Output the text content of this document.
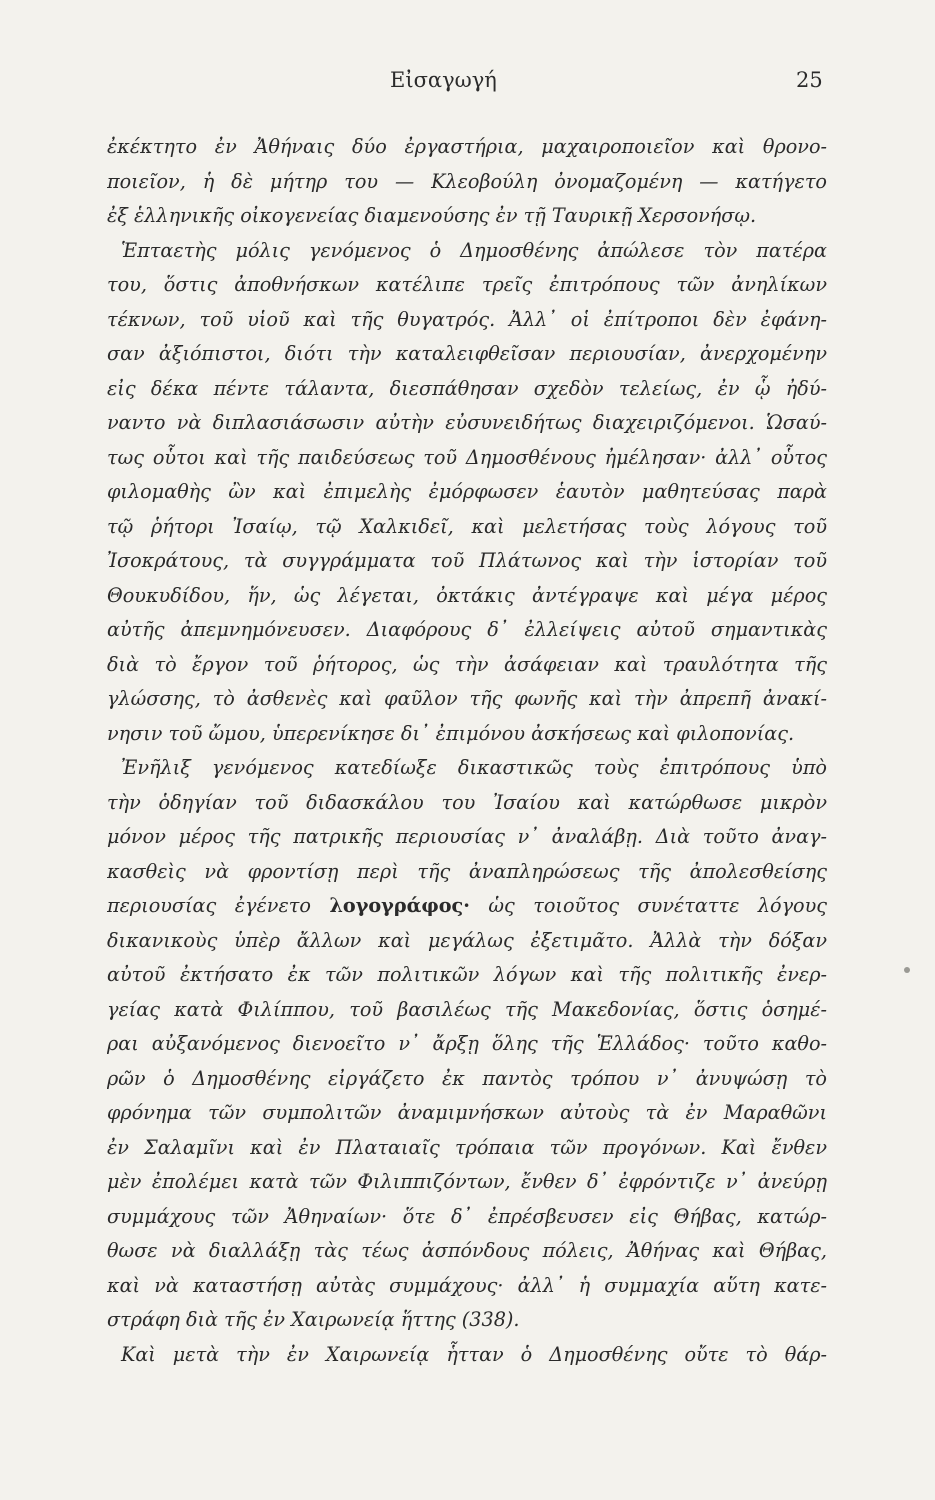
Εἰσαγωγή	25
ἐκέκτητο ἐν Ἀθήναις δύο ἐργαστήρια, μαχαιροποιεῖον καὶ θρονο-
ποιεῖον, ἡ δὲ μήτηρ του — Κλεοβούλη ὀνομαζομένη — κατήγετο
ἐξ ἑλληνικῆς οἰκογενείας διαμενούσης ἐν τῇ Ταυρικῇ Χερσονήσῳ.
Ἑπταετὴς μόλις γενόμενος ὁ Δημοσθένης ἀπώλεσε τὸν πατέρα
του, ὅστις ἀποθνήσκων κατέλιπε τρεῖς ἐπιτρόπους τῶν ἀνηλίκων
τέκνων, τοῦ υἱοῦ καὶ τῆς θυγατρός. Ἀλλ᾽ οἱ ἐπίτροποι δὲν ἐφάνη-
σαν ἀξιόπιστοι, διότι τὴν καταλειφθεῖσαν περιουσίαν, ἀνερχομένην
εἰς δέκα πέντε τάλαντα, διεσπάθησαν σχεδὸν τελείως, ἐν ᾧ ἠδύ-
ναντο νὰ διπλασιάσωσιν αὐτὴν εὐσυνειδήτως διαχειριζόμενοι. Ὡσαύ-
τως οὗτοι καὶ τῆς παιδεύσεως τοῦ Δημοσθένους ἠμέλησαν· ἀλλ᾽ οὗτος
φιλομαθὴς ὢν καὶ ἐπιμελὴς ἐμόρφωσεν ἑαυτὸν μαθητεύσας παρὰ
τῷ ῥήτορι Ἰσαίῳ, τῷ Χαλκιδεῖ, καὶ μελετήσας τοὺς λόγους τοῦ
Ἰσοκράτους, τὰ συγγράμματα τοῦ Πλάτωνος καὶ τὴν ἱστορίαν τοῦ
Θουκυδίδου, ἥν, ὡς λέγεται, ὀκτάκις ἀντέγραψε καὶ μέγα μέρος
αὐτῆς ἀπεμνημόνευσεν. Διαφόρους δ᾽ ἐλλείψεις αὐτοῦ σημαντικὰς
διὰ τὸ ἔργον τοῦ ῥήτορος, ὡς τὴν ἀσάφειαν καὶ τραυλότητα τῆς
γλώσσης, τὸ ἀσθενὲς καὶ φαῦλον τῆς φωνῆς καὶ τὴν ἀπρεπῆ ἀνακί-
νησιν τοῦ ὤμου, ὑπερενίκησε δι᾽ ἐπιμόνου ἀσκήσεως καὶ φιλοπονίας.
Ἐνῆλιξ γενόμενος κατεδίωξε δικαστικῶς τοὺς ἐπιτρόπους ὑπὸ
τὴν ὁδηγίαν τοῦ διδασκάλου του Ἰσαίου καὶ κατώρθωσε μικρὸν
μόνον μέρος τῆς πατρικῆς περιουσίας ν᾽ ἀναλάβῃ. Διὰ τοῦτο ἀναγ-
κασθεὶς νὰ φροντίσῃ περὶ τῆς ἀναπληρώσεως τῆς ἀπολεσθείσης
περιουσίας ἐγένετο λογογράφος· ὡς τοιοῦτος συνέταττε λόγους
δικανικοὺς ὑπὲρ ἄλλων καὶ μεγάλως ἐξετιμᾶτο. Ἀλλὰ τὴν δόξαν
αὐτοῦ ἐκτήσατο ἐκ τῶν πολιτικῶν λόγων καὶ τῆς πολιτικῆς ἐνερ-
γείας κατὰ Φιλίππου, τοῦ βασιλέως τῆς Μακεδονίας, ὅστις ὁσημέ-
ραι αὐξανόμενος διενοεῖτο ν᾽ ἄρξῃ ὅλης τῆς Ἑλλάδος· τοῦτο καθο-
ρῶν ὁ Δημοσθένης εἰργάζετο ἐκ παντὸς τρόπου ν᾽ ἀνυψώσῃ τὸ
φρόνημα τῶν συμπολιτῶν ἀναμιμνήσκων αὐτοὺς τὰ ἐν Μαραθῶνι
ἐν Σαλαμῖνι καὶ ἐν Πλαταιαῖς τρόπαια τῶν προγόνων. Καὶ ἔνθεν
μὲν ἐπολέμει κατὰ τῶν Φιλιππιζόντων, ἔνθεν δ᾽ ἐφρόντιζε ν᾽ ἀνεύρῃ
συμμάχους τῶν Ἀθηναίων· ὅτε δ᾽ ἐπρέσβευσεν εἰς Θήβας, κατώρ-
θωσε νὰ διαλλάξῃ τὰς τέως ἀσπόνδους πόλεις, Ἀθήνας καὶ Θήβας,
καὶ νὰ καταστήσῃ αὐτὰς συμμάχους· ἀλλ᾽ ἡ συμμαχία αὕτη κατε-
στράφη διὰ τῆς ἐν Χαιρωνείᾳ ἥττης (338).
Καὶ μετὰ τὴν ἐν Χαιρωνείᾳ ἧτταν ὁ Δημοσθένης οὔτε τὸ θάρ-
